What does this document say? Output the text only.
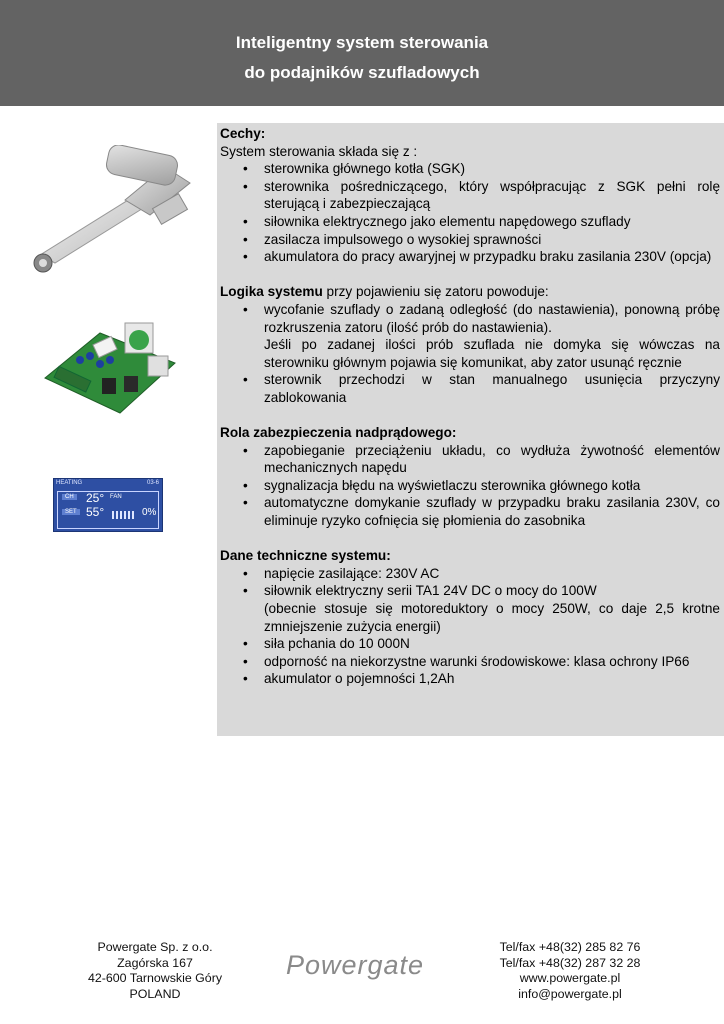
Inteligentny system sterowania
do podajników szufladowych
HEATING	03-6
CH 25° FAN
SET 55°	0%

Cechy:

System sterowania składa się z :

• sterownika głównego kotła (SGK)
• sterownika pośredniczącego, który współpracując z SGK pełni rolę sterującą i zabezpieczającą
• siłownika elektrycznego jako elementu napędowego szuflady
• zasilacza impulsowego o wysokiej sprawności
• akumulatora do pracy awaryjnej w przypadku braku zasilania 230V (opcja)

Logika systemu przy pojawieniu się zatoru powoduje:

• wycofanie szuflady o zadaną odległość (do nastawienia), ponowną próbę rozkruszenia zatoru (ilość prób do nastawienia).
Jeśli po zadanej ilości prób szuflada nie domyka się wówczas na sterowniku głównym pojawia się komunikat, aby zator usunąć ręcznie
• sterownik przechodzi w stan manualnego usunięcia przyczyny zablokowania

Rola zabezpieczenia nadprądowego:

• zapobieganie przeciążeniu układu, co wydłuża żywotność elementów mechanicznych napędu
• sygnalizacja błędu na wyświetlaczu sterownika głównego kotła
• automatyczne domykanie szuflady w przypadku braku zasilania 230V, co eliminuje ryzyko cofnięcia się płomienia do zasobnika

Dane techniczne systemu:

• napięcie zasilające: 230V AC
• siłownik elektryczny serii TA1 24V DC o mocy do 100W
(obecnie stosuje się motoreduktory o mocy 250W, co daje 2,5 krotne zmniejszenie zużycia energii)
• siła pchania do 10 000N
• odporność na niekorzystne warunki środowiskowe: klasa ochrony IP66
• akumulator o pojemności 1,2Ah
Powergate Sp. z o.o.
Zagórska 167
42-600 Tarnowskie Góry
POLAND
Powergate
Tel/fax +48(32) 285 82 76
Tel/fax +48(32) 287 32 28
www.powergate.pl
info@powergate.pl
